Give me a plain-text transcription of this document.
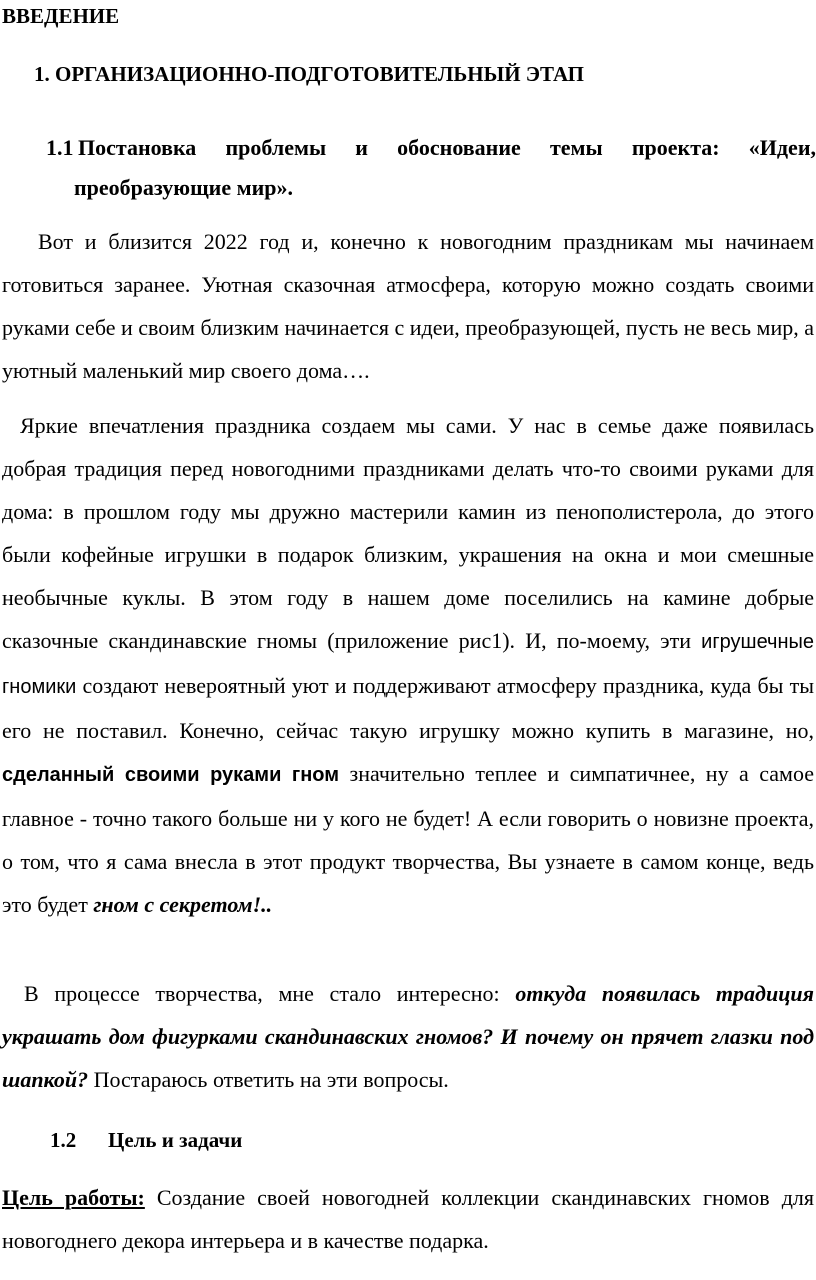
ВВЕДЕНИЕ
1. ОРГАНИЗАЦИОННО-ПОДГОТОВИТЕЛЬНЫЙ ЭТАП
1.1 Постановка проблемы и обоснование темы проекта: «Идеи,
преобразующие мир».

Вот и близится 2022 год и, конечно к новогодним праздникам мы начинаем готовиться заранее. Уютная сказочная атмосфера, которую можно создать своими руками себе и своим близким начинается с идеи, преобразующей, пусть не весь мир, а уютный маленький мир своего дома….

Яркие впечатления праздника создаем мы сами. У нас в семье даже появилась добрая традиция перед новогодними праздниками делать что-то своими руками для дома: в прошлом году мы дружно мастерили камин из пенополистерола, до этого были кофейные игрушки в подарок близким, украшения на окна и мои смешные необычные куклы. В этом году в нашем доме поселились на камине добрые сказочные скандинавские гномы (приложение рис1). И, по-моему, эти игрушечные гномики создают невероятный уют и поддерживают атмосферу праздника, куда бы ты его не поставил. Конечно, сейчас такую игрушку можно купить в магазине, но, сделанный своими руками гном значительно теплее и симпатичнее, ну а самое главное - точно такого больше ни у кого не будет! А если говорить о новизне проекта, о том, что я сама внесла в этот продукт творчества, Вы узнаете в самом конце, ведь это будет гном с секретом!..

В процессе творчества, мне стало интересно: откуда появилась традиция украшать дом фигурками скандинавских гномов? И почему он прячет глазки под шапкой? Постараюсь ответить на эти вопросы.

1.2 Цель и задачи

Цель работы: Создание своей новогодней коллекции скандинавских гномов для новогоднего декора интерьера и в качестве подарка.
